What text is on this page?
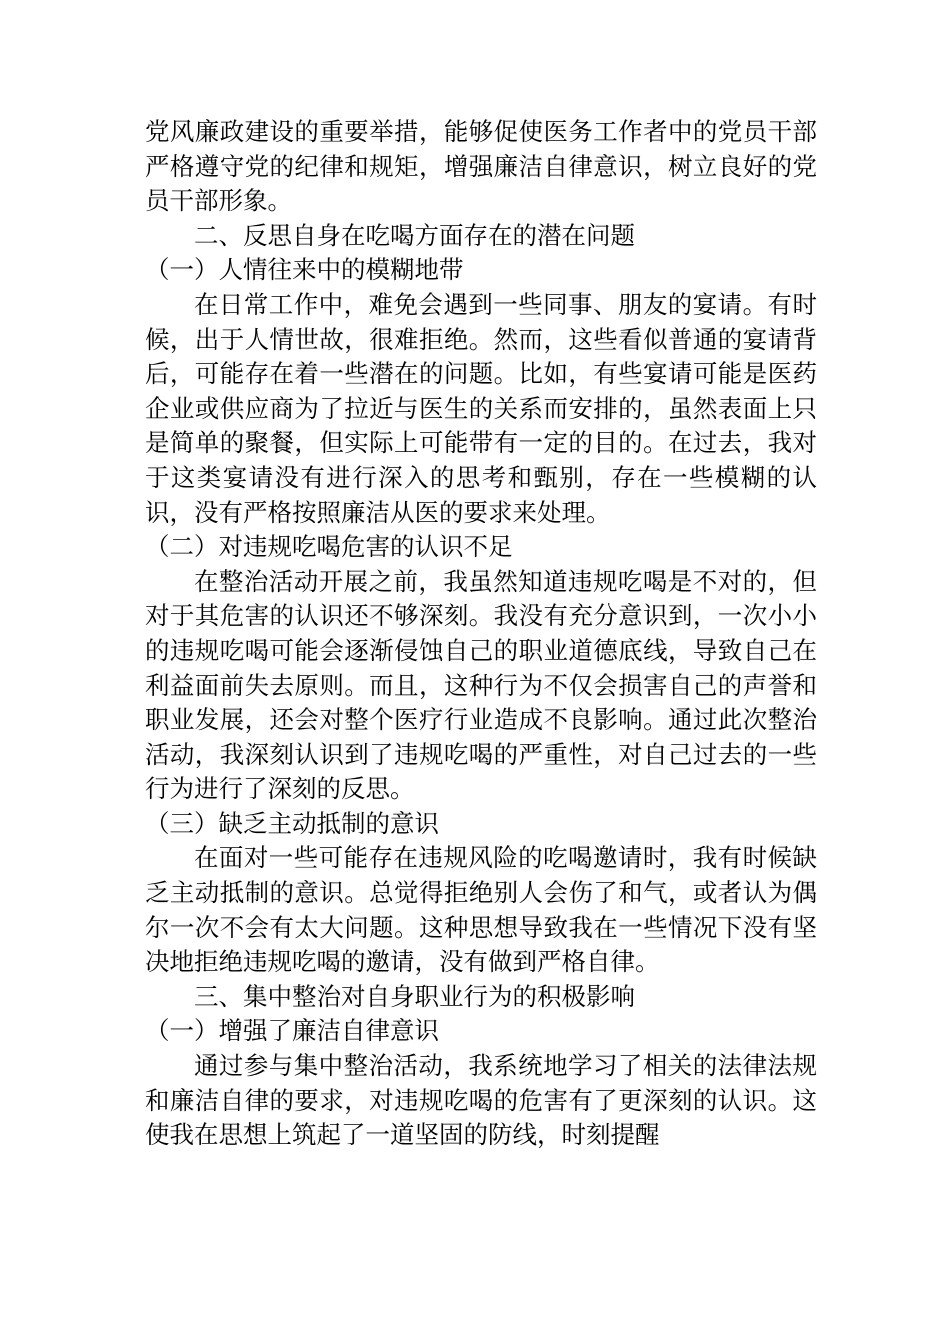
党风廉政建设的重要举措，能够促使医务工作者中的党员干部严格遵守党的纪律和规矩，增强廉洁自律意识，树立良好的党员干部形象。

二、反思自身在吃喝方面存在的潜在问题

（一）人情往来中的模糊地带

在日常工作中，难免会遇到一些同事、朋友的宴请。有时候，出于人情世故，很难拒绝。然而，这些看似普通的宴请背后，可能存在着一些潜在的问题。比如，有些宴请可能是医药企业或供应商为了拉近与医生的关系而安排的，虽然表面上只是简单的聚餐，但实际上可能带有一定的目的。在过去，我对于这类宴请没有进行深入的思考和甄别，存在一些模糊的认识，没有严格按照廉洁从医的要求来处理。

（二）对违规吃喝危害的认识不足

在整治活动开展之前，我虽然知道违规吃喝是不对的，但对于其危害的认识还不够深刻。我没有充分意识到，一次小小的违规吃喝可能会逐渐侵蚀自己的职业道德底线，导致自己在利益面前失去原则。而且，这种行为不仅会损害自己的声誉和职业发展，还会对整个医疗行业造成不良影响。通过此次整治活动，我深刻认识到了违规吃喝的严重性，对自己过去的一些行为进行了深刻的反思。

（三）缺乏主动抵制的意识

在面对一些可能存在违规风险的吃喝邀请时，我有时候缺乏主动抵制的意识。总觉得拒绝别人会伤了和气，或者认为偶尔一次不会有太大问题。这种思想导致我在一些情况下没有坚决地拒绝违规吃喝的邀请，没有做到严格自律。

三、集中整治对自身职业行为的积极影响

（一）增强了廉洁自律意识

通过参与集中整治活动，我系统地学习了相关的法律法规和廉洁自律的要求，对违规吃喝的危害有了更深刻的认识。这使我在思想上筑起了一道坚固的防线，时刻提醒
